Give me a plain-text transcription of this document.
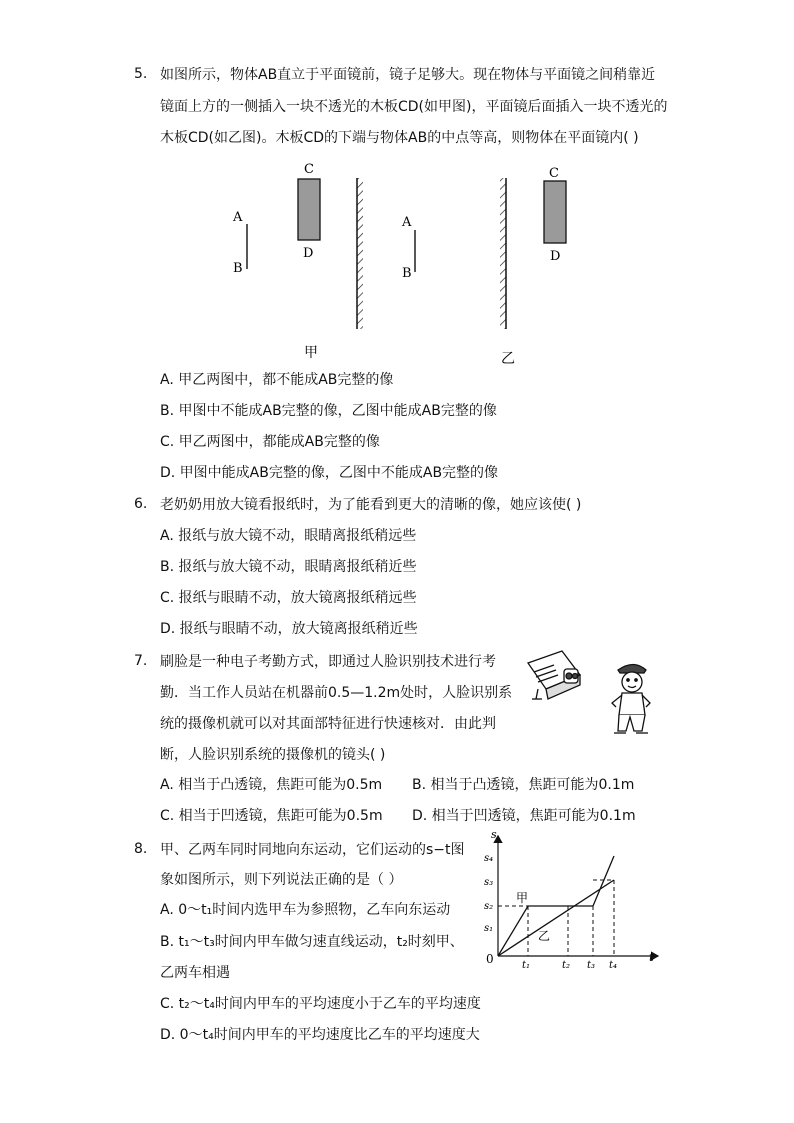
5. 如图所示，物体AB直立于平面镜前，镜子足够大。现在物体与平面镜之间稍靠近
镜面上方的一侧插入一块不透光的木板CD(如甲图)，平面镜后面插入一块不透光的
木板CD(如乙图)。木板CD的下端与物体AB的中点等高，则物体在平面镜内( )
A
B
C
D
甲
A
B
C
乙
D
A. 甲乙两图中，都不能成AB完整的像
B. 甲图中不能成AB完整的像，乙图中能成AB完整的像
C. 甲乙两图中，都能成AB完整的像
D. 甲图中能成AB完整的像，乙图中不能成AB完整的像
6. 老奶奶用放大镜看报纸时，为了能看到更大的清晰的像，她应该使( )
A. 报纸与放大镜不动，眼睛离报纸稍远些
B. 报纸与放大镜不动，眼睛离报纸稍近些
C. 报纸与眼睛不动，放大镜离报纸稍远些
D. 报纸与眼睛不动，放大镜离报纸稍近些
7. 刷脸是一种电子考勤方式，即通过人脸识别技术进行考
勤．当工作人员站在机器前0.5—1.2m处时，人脸识别系
统的摄像机就可以对其面部特征进行快速核对．由此判
断，人脸识别系统的摄像机的镜头( )
A. 相当于凸透镜，焦距可能为0.5m B. 相当于凸透镜，焦距可能为0.1m
C. 相当于凹透镜，焦距可能为0.5m D. 相当于凹透镜，焦距可能为0.1m
8. 甲、乙两车同时同地向东运动，它们运动的s−t图
象如图所示，则下列说法正确的是（ ）
A. 0～t₁时间内选甲车为参照物，乙车向东运动
B. t₁～t₃时间内甲车做匀速直线运动，t₂时刻甲、
乙两车相遇
C. t₂～t₄时间内甲车的平均速度小于乙车的平均速度
D. 0～t₄时间内甲车的平均速度比乙车的平均速度大
s
t
0
s₁
s₂
s₃
s₄
甲
乙
t₁	t₂ t₃ t₄
